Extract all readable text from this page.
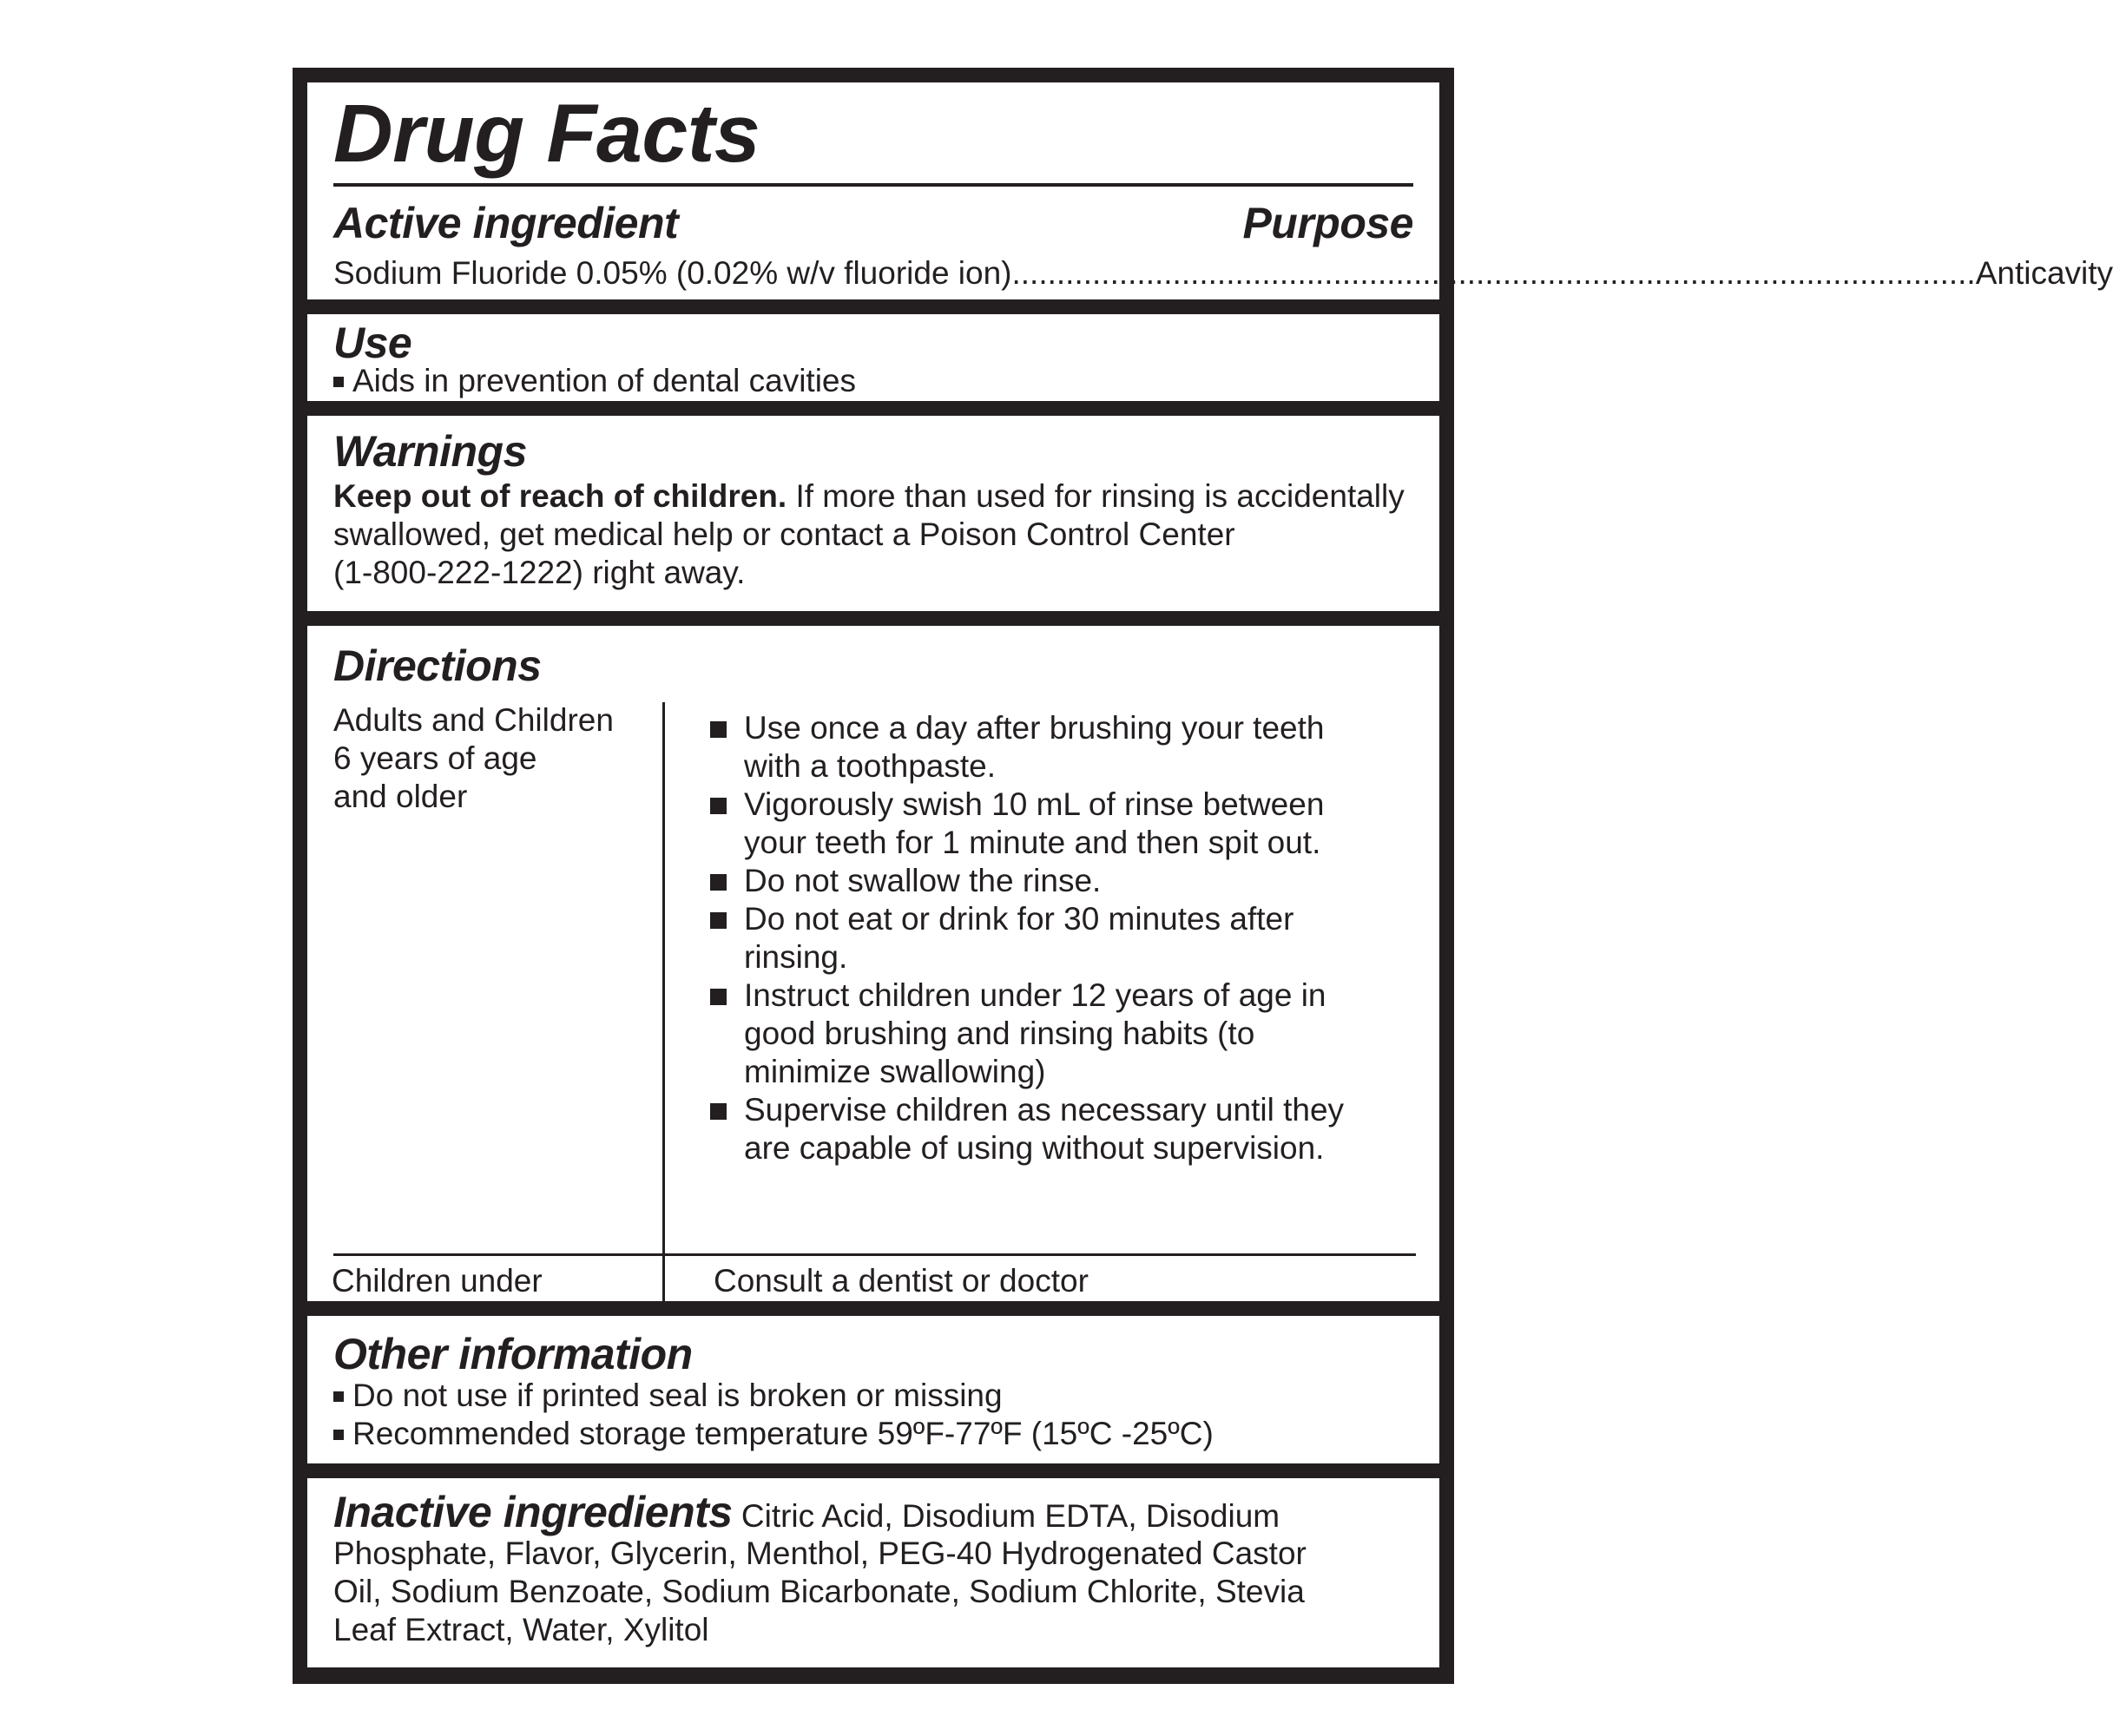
Drug Facts
Active ingredient	Purpose
Sodium Fluoride 0.05% (0.02% w/v fluoride ion) ............................................................................................................ Anticavity
Use
Aids in prevention of dental cavities
Warnings
Keep out of reach of children. If more than used for rinsing is accidentally
swallowed, get medical help or contact a Poison Control Center
(1-800-222-1222) right away.
Directions
Adults and Children
6 years of age
and older
Use once a day after brushing your teeth
with a toothpaste.
Vigorously swish 10 mL of rinse between
your teeth for 1 minute and then spit out.
Do not swallow the rinse.
Do not eat or drink for 30 minutes after
rinsing.
Instruct children under 12 years of age in
good brushing and rinsing habits (to
minimize swallowing)
Supervise children as necessary until they
are capable of using without supervision.
Children under	Consult a dentist or doctor
Other information
Do not use if printed seal is broken or missing
Recommended storage temperature 59ºF-77ºF (15ºC -25ºC)
Inactive ingredients Citric Acid, Disodium EDTA, Disodium
Phosphate, Flavor, Glycerin, Menthol, PEG-40 Hydrogenated Castor
Oil, Sodium Benzoate, Sodium Bicarbonate, Sodium Chlorite, Stevia
Leaf Extract, Water, Xylitol
